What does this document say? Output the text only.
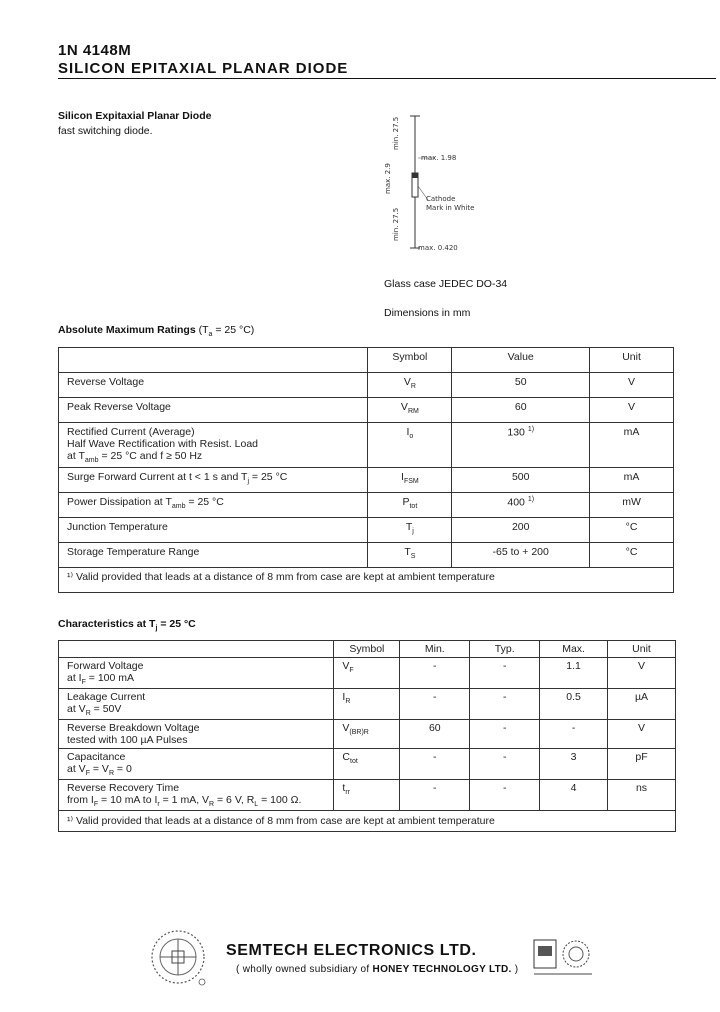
1N 4148M
SILICON EPITAXIAL PLANAR DIODE
Silicon Expitaxial Planar Diode
fast switching diode.	min. 27.5
max. 1.98
max. 2.9
Cathode
Mark in White
min. 27.5
max. 0.420
Glass case JEDEC DO-34
Dimensions in mm
Absolute Maximum Ratings ($T_a = 25$ °C)
	Symbol	Value	Unit
Reverse Voltage	$V_R$	50	V
Peak Reverse Voltage	$V_{RM}$	60	V

Rectified Current (Average)
Half Wave Rectification with Resist. Load
at $T_{amb} = 25$ °C and f ≥ 50 Hz	$I_o$	130 $^{1)}$	mA
Surge Forward Current at t < 1 s and $T_j = 25$ °C	$I_{FSM}$	500	mA
Power Dissipation at $T_{amb} = 25$ °C	$P_{tot}$	400 $^{1)}$	mW
Junction Temperature	$T_j$	200	°C
Storage Temperature Range	$T_S$	-65 to + 200	°C
¹⁾ Valid provided that leads at a distance of 8 mm from case are kept at ambient temperature			
Characteristics at $T_j = 25$ °C
	Symbol	Min.	Typ.	Max.	Unit

Forward Voltage
at $I_F = 100$ mA	$V_F$	-	-	1.1	V

Leakage Current
at $V_R = 50V$	$I_R$	-	-	0.5	µA

Reverse Breakdown Voltage
tested with 100 µA Pulses	$V_{(BR)R}$	60	-	-	V

Capacitance
at $V_F = V_R = 0$	$C_{tot}$	-	-	3	pF

Reverse Recovery Time
from $I_F = 10$ mA to $I_r = 1$ mA, $V_R = 6$ V, $R_L = 100$ Ω.	$t_{rr}$	-	-	4	ns
¹⁾ Valid provided that leads at a distance of 8 mm from case are kept at ambient temperature					
SEMTECH ELECTRONICS LTD.
( wholly owned subsidiary of HONEY TECHNOLOGY LTD. )
